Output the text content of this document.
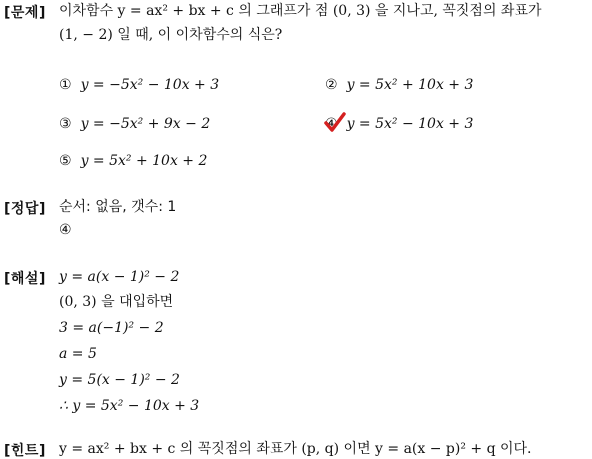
[문제] 이차함수 y = ax² + bx + c 의 그래프가 점 (0, 3) 을 지나고, 꼭짓점의 좌표가
(1, − 2) 일 때, 이 이차함수의 식은?
① y = −5x² − 10x + 3	② y = 5x² + 10x + 3
③ y = −5x² + 9x − 2	④ y = 5x² − 10x + 3
⑤ y = 5x² + 10x + 2
[정답] 순서: 없음, 갯수: 1
④
[해설] y = a(x − 1)² − 2
(0, 3) 을 대입하면
3 = a(−1)² − 2
a = 5
y = 5(x − 1)² − 2
∴ y = 5x² − 10x + 3
[힌트] y = ax² + bx + c 의 꼭짓점의 좌표가 (p, q) 이면 y = a(x − p)² + q 이다.
